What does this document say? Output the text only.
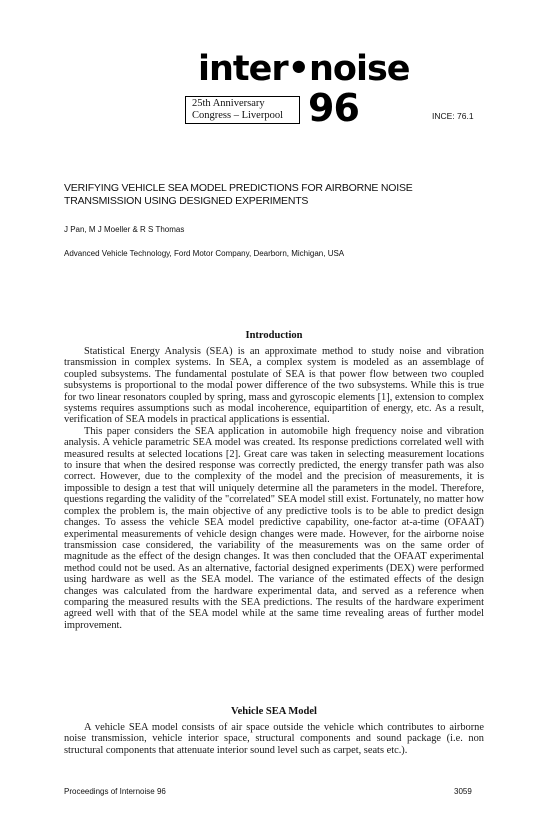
inter•noise
25th Anniversary
Congress – Liverpool 96	INCE: 76.1
VERIFYING VEHICLE SEA MODEL PREDICTIONS FOR AIRBORNE NOISE TRANSMISSION USING DESIGNED EXPERIMENTS
J Pan, M J Moeller & R S Thomas
Advanced Vehicle Technology, Ford Motor Company, Dearborn, Michigan, USA
Introduction

Statistical Energy Analysis (SEA) is an approximate method to study noise and vibration transmission in complex systems. In SEA, a complex system is modeled as an assemblage of coupled subsystems. The fundamental postulate of SEA is that power flow between two coupled subsystems is proportional to the modal power difference of the two subsystems. While this is true for two linear resonators coupled by spring, mass and gyroscopic elements [1], extension to complex systems requires assumptions such as modal incoherence, equipartition of energy, etc. As a result, verification of SEA models in practical applications is essential.

This paper considers the SEA application in automobile high frequency noise and vibration analysis. A vehicle parametric SEA model was created. Its response predictions correlated well with measured results at selected locations [2]. Great care was taken in selecting measurement locations to insure that when the desired response was correctly predicted, the energy transfer path was also correct. However, due to the complexity of the model and the precision of measurements, it is impossible to design a test that will uniquely determine all the parameters in the model. Therefore, questions regarding the validity of the "correlated" SEA model still exist. Fortunately, no matter how complex the problem is, the main objective of any predictive tools is to be able to predict design changes. To assess the vehicle SEA model predictive capability, one-factor at-a-time (OFAAT) experimental measurements of vehicle design changes were made. However, for the airborne noise transmission case considered, the variability of the measurements was on the same order of magnitude as the effect of the design changes. It was then concluded that the OFAAT experimental method could not be used. As an alternative, factorial designed experiments (DEX) were performed using hardware as well as the SEA model. The variance of the estimated effects of the design changes was calculated from the hardware experimental data, and served as a reference when comparing the measured results with the SEA predictions. The results of the hardware experiment agreed well with that of the SEA model while at the same time revealing areas of further model improvement.

Vehicle SEA Model

A vehicle SEA model consists of air space outside the vehicle which contributes to airborne noise transmission, vehicle interior space, structural components and sound package (i.e. non structural components that attenuate interior sound level such as carpet, seats etc.).

Proceedings of Internoise 96	3059
